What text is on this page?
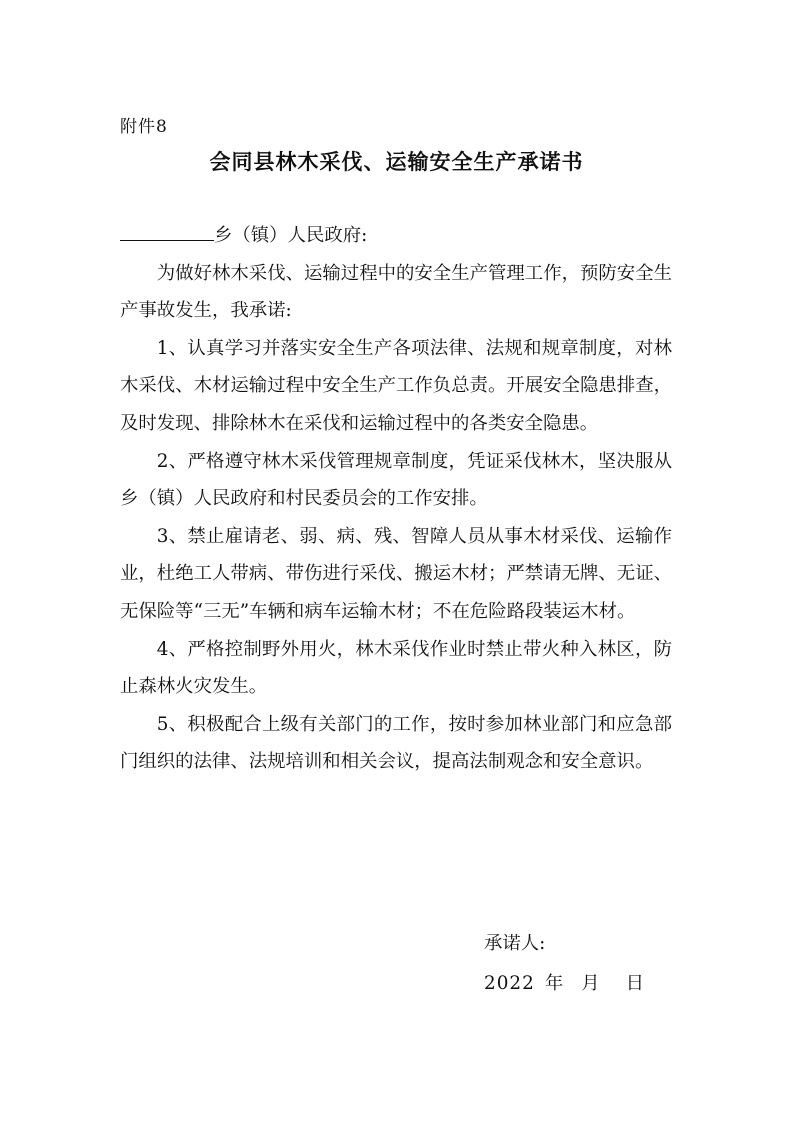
附件8
会同县林木采伐、运输安全生产承诺书

乡（镇）人民政府:

为做好林木采伐、运输过程中的安全生产管理工作，预防安全生产事故发生，我承诺:

1、认真学习并落实安全生产各项法律、法规和规章制度，对林木采伐、木材运输过程中安全生产工作负总责。开展安全隐患排查，及时发现、排除林木在采伐和运输过程中的各类安全隐患。

2、严格遵守林木采伐管理规章制度，凭证采伐林木，坚决服从乡（镇）人民政府和村民委员会的工作安排。

3、禁止雇请老、弱、病、残、智障人员从事木材采伐、运输作业，杜绝工人带病、带伤进行采伐、搬运木材；严禁请无牌、无证、无保险等“三无”车辆和病车运输木材；不在危险路段装运木材。

4、严格控制野外用火，林木采伐作业时禁止带火种入林区，防止森林火灾发生。

5、积极配合上级有关部门的工作，按时参加林业部门和应急部门组织的法律、法规培训和相关会议，提高法制观念和安全意识。

承诺人:
2022 年 月 日
